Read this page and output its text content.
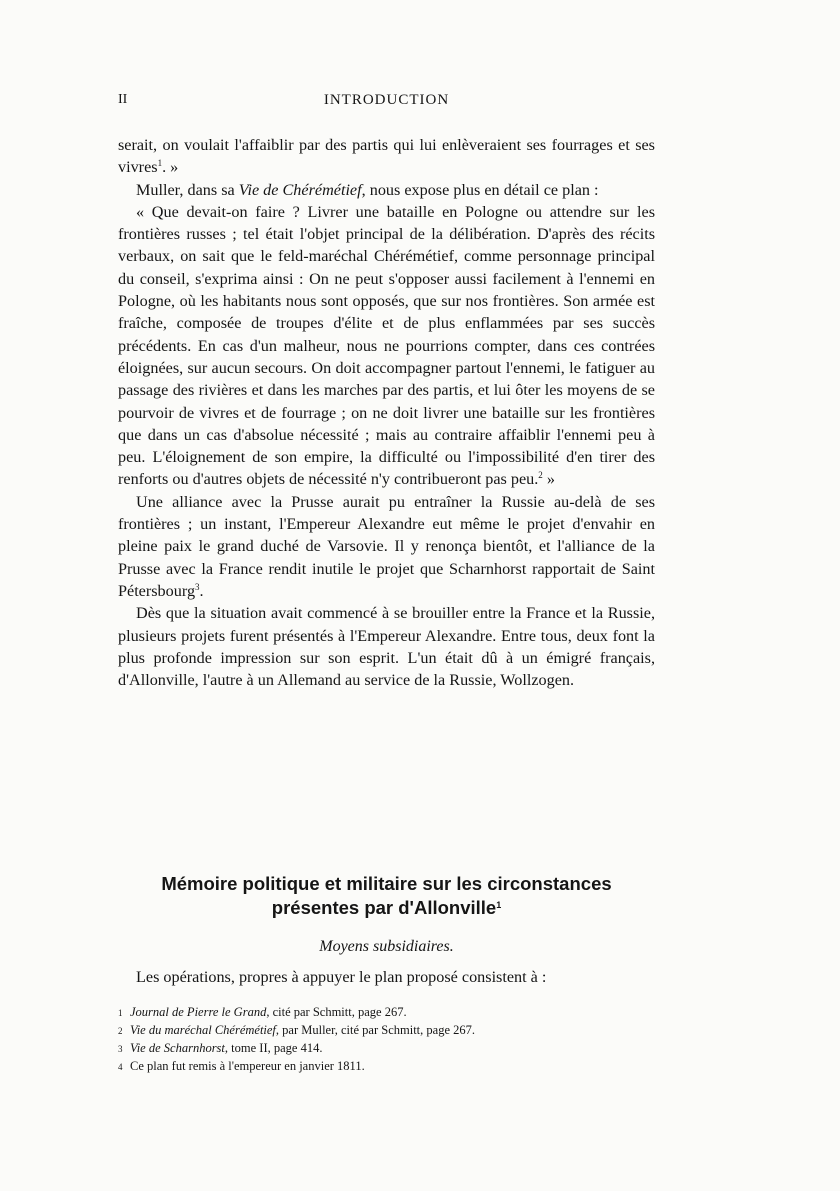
II	INTRODUCTION

serait, on voulait l'affaiblir par des partis qui lui enlèveraient ses fourrages et ses vivres$^1$. »

Muller, dans sa Vie de Chérémétief, nous expose plus en détail ce plan :

« Que devait-on faire ? Livrer une bataille en Pologne ou attendre sur les frontières russes ; tel était l'objet principal de la délibération. D'après des récits verbaux, on sait que le feld-maréchal Chérémétief, comme personnage principal du conseil, s'exprima ainsi : On ne peut s'opposer aussi facilement à l'ennemi en Pologne, où les habitants nous sont opposés, que sur nos frontières. Son armée est fraîche, composée de troupes d'élite et de plus enflammées par ses succès précédents. En cas d'un malheur, nous ne pourrions compter, dans ces contrées éloignées, sur aucun secours. On doit accompagner partout l'ennemi, le fatiguer au passage des rivières et dans les marches par des partis, et lui ôter les moyens de se pourvoir de vivres et de fourrage ; on ne doit livrer une bataille sur les frontières que dans un cas d'absolue nécessité ; mais au contraire affaiblir l'ennemi peu à peu. L'éloignement de son empire, la difficulté ou l'impossibilité d'en tirer des renforts ou d'autres objets de nécessité n'y contribueront pas peu.$^2$ »

Une alliance avec la Prusse aurait pu entraîner la Russie au-delà de ses frontières ; un instant, l'Empereur Alexandre eut même le projet d'envahir en pleine paix le grand duché de Varsovie. Il y renonça bientôt, et l'alliance de la Prusse avec la France rendit inutile le projet que Scharnhorst rapportait de Saint Pétersbourg$^3$.

Dès que la situation avait commencé à se brouiller entre la France et la Russie, plusieurs projets furent présentés à l'Empereur Alexandre. Entre tous, deux font la plus profonde impression sur son esprit. L'un était dû à un émigré français, d'Allonville, l'autre à un Allemand au service de la Russie, Wollzogen.

Mémoire politique et militaire sur les circonstances
présentes par d'Allonville$^1$
Moyens subsidiaires.
Les opérations, propres à appuyer le plan proposé consistent à :
1 Journal de Pierre le Grand, cité par Schmitt, page 267.
2 Vie du maréchal Chérémétief, par Muller, cité par Schmitt, page 267.
3 Vie de Scharnhorst, tome II, page 414.
4 Ce plan fut remis à l'empereur en janvier 1811.
